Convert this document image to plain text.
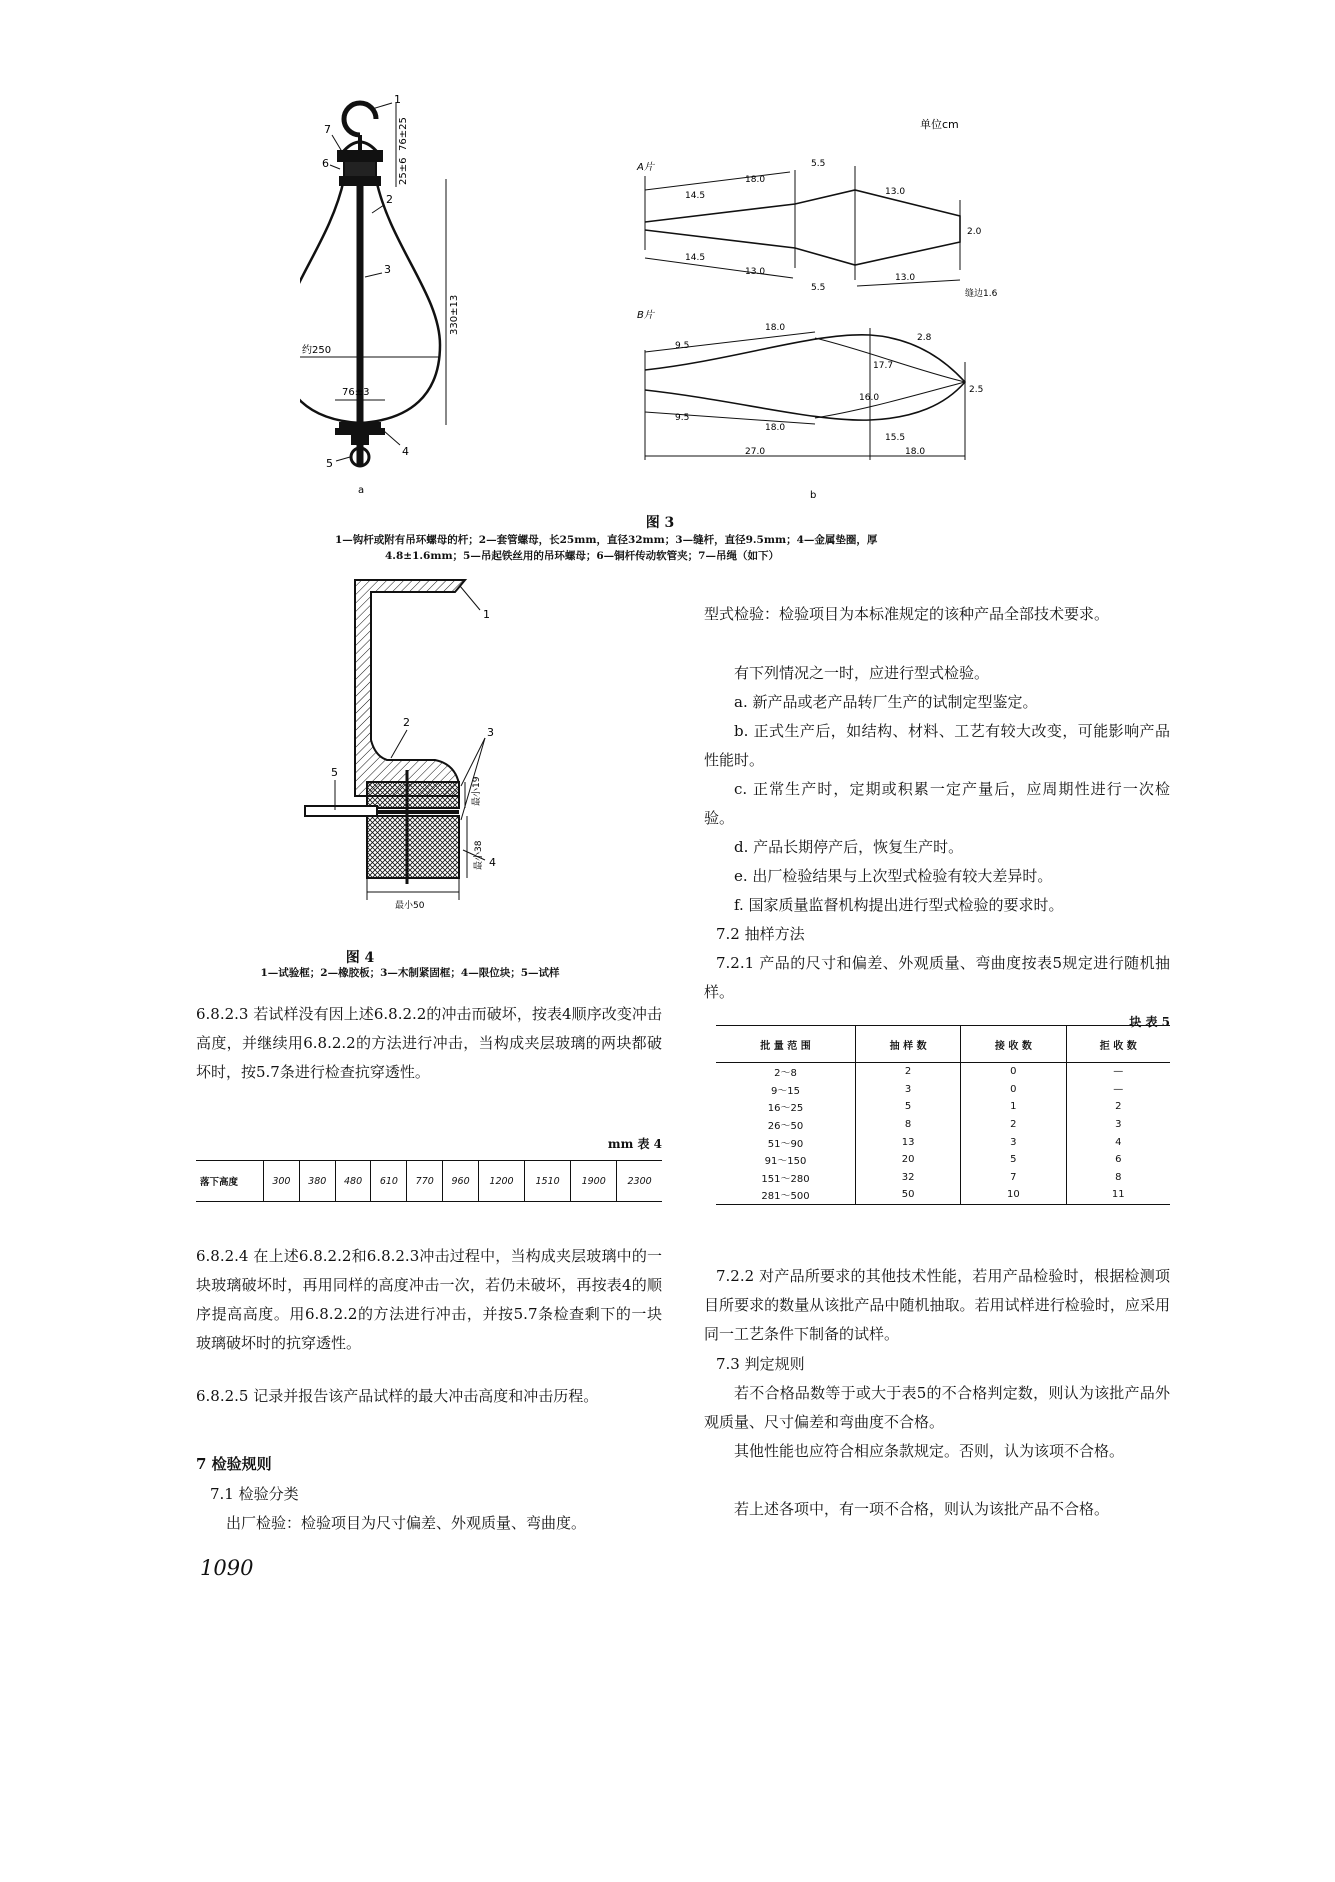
1
7
6
2
3
4
5
76±25
25±6
330±13
约250
76±3
a
单位cm
A片
B片
14.5
18.0
5.5
13.0
2.0
14.5
13.0
5.5
13.0
缝边1.6
9.5
18.0
2.8
17.7
16.0
2.5
9.5
18.0
15.5
27.0	18.0
b
图 3
1—钩杆或附有吊环螺母的杆；2—套管螺母，长25mm，直径32mm；3—缝杆，直径9.5mm；4—金属垫圈，厚
4.8±1.6mm；5—吊起铁丝用的吊环螺母；6—铜杆传动软管夹；7—吊绳（如下）
1
2
3
4
5
最小19
最小38
最小50
图 4
1—试验框；2—橡胶板；3—木制紧固框；4—限位块；5—试样
6.8.2.3 若试样没有因上述6.8.2.2的冲击而破坏，按表4顺序改变冲击高度，并继续用6.8.2.2的方法进行冲击，当构成夹层玻璃的两块都破坏时，按5.7条进行检查抗穿透性。
mm 表 4
落下高度	300	380	480	610	770	960	1200	1510	1900	2300
6.8.2.4 在上述6.8.2.2和6.8.2.3冲击过程中，当构成夹层玻璃中的一块玻璃破坏时，再用同样的高度冲击一次，若仍未破坏，再按表4的顺序提高高度。用6.8.2.2的方法进行冲击，并按5.7条检查剩下的一块玻璃破坏时的抗穿透性。
6.8.2.5 记录并报告该产品试样的最大冲击高度和冲击历程。
7 检验规则
7.1 检验分类
出厂检验：检验项目为尺寸偏差、外观质量、弯曲度。
1090
型式检验：检验项目为本标准规定的该种产品全部技术要求。
有下列情况之一时，应进行型式检验。
a. 新产品或老产品转厂生产的试制定型鉴定。
b. 正式生产后，如结构、材料、工艺有较大改变，可能影响产品性能时。
c. 正常生产时，定期或积累一定产量后，应周期性进行一次检验。
d. 产品长期停产后，恢复生产时。
e. 出厂检验结果与上次型式检验有较大差异时。
f. 国家质量监督机构提出进行型式检验的要求时。
7.2 抽样方法
7.2.1 产品的尺寸和偏差、外观质量、弯曲度按表5规定进行随机抽样。
块 表 5
批 量 范 围	抽 样 数	接 收 数	拒 收 数
2～8	2	0	—
9～15	3	0	—
16～25	5	1	2
26～50	8	2	3
51～90	13	3	4
91～150	20	5	6
151～280	32	7	8
281～500	50	10	11
7.2.2 对产品所要求的其他技术性能，若用产品检验时，根据检测项目所要求的数量从该批产品中随机抽取。若用试样进行检验时，应采用同一工艺条件下制备的试样。
7.3 判定规则
若不合格品数等于或大于表5的不合格判定数，则认为该批产品外观质量、尺寸偏差和弯曲度不合格。
其他性能也应符合相应条款规定。否则，认为该项不合格。
若上述各项中，有一项不合格，则认为该批产品不合格。
